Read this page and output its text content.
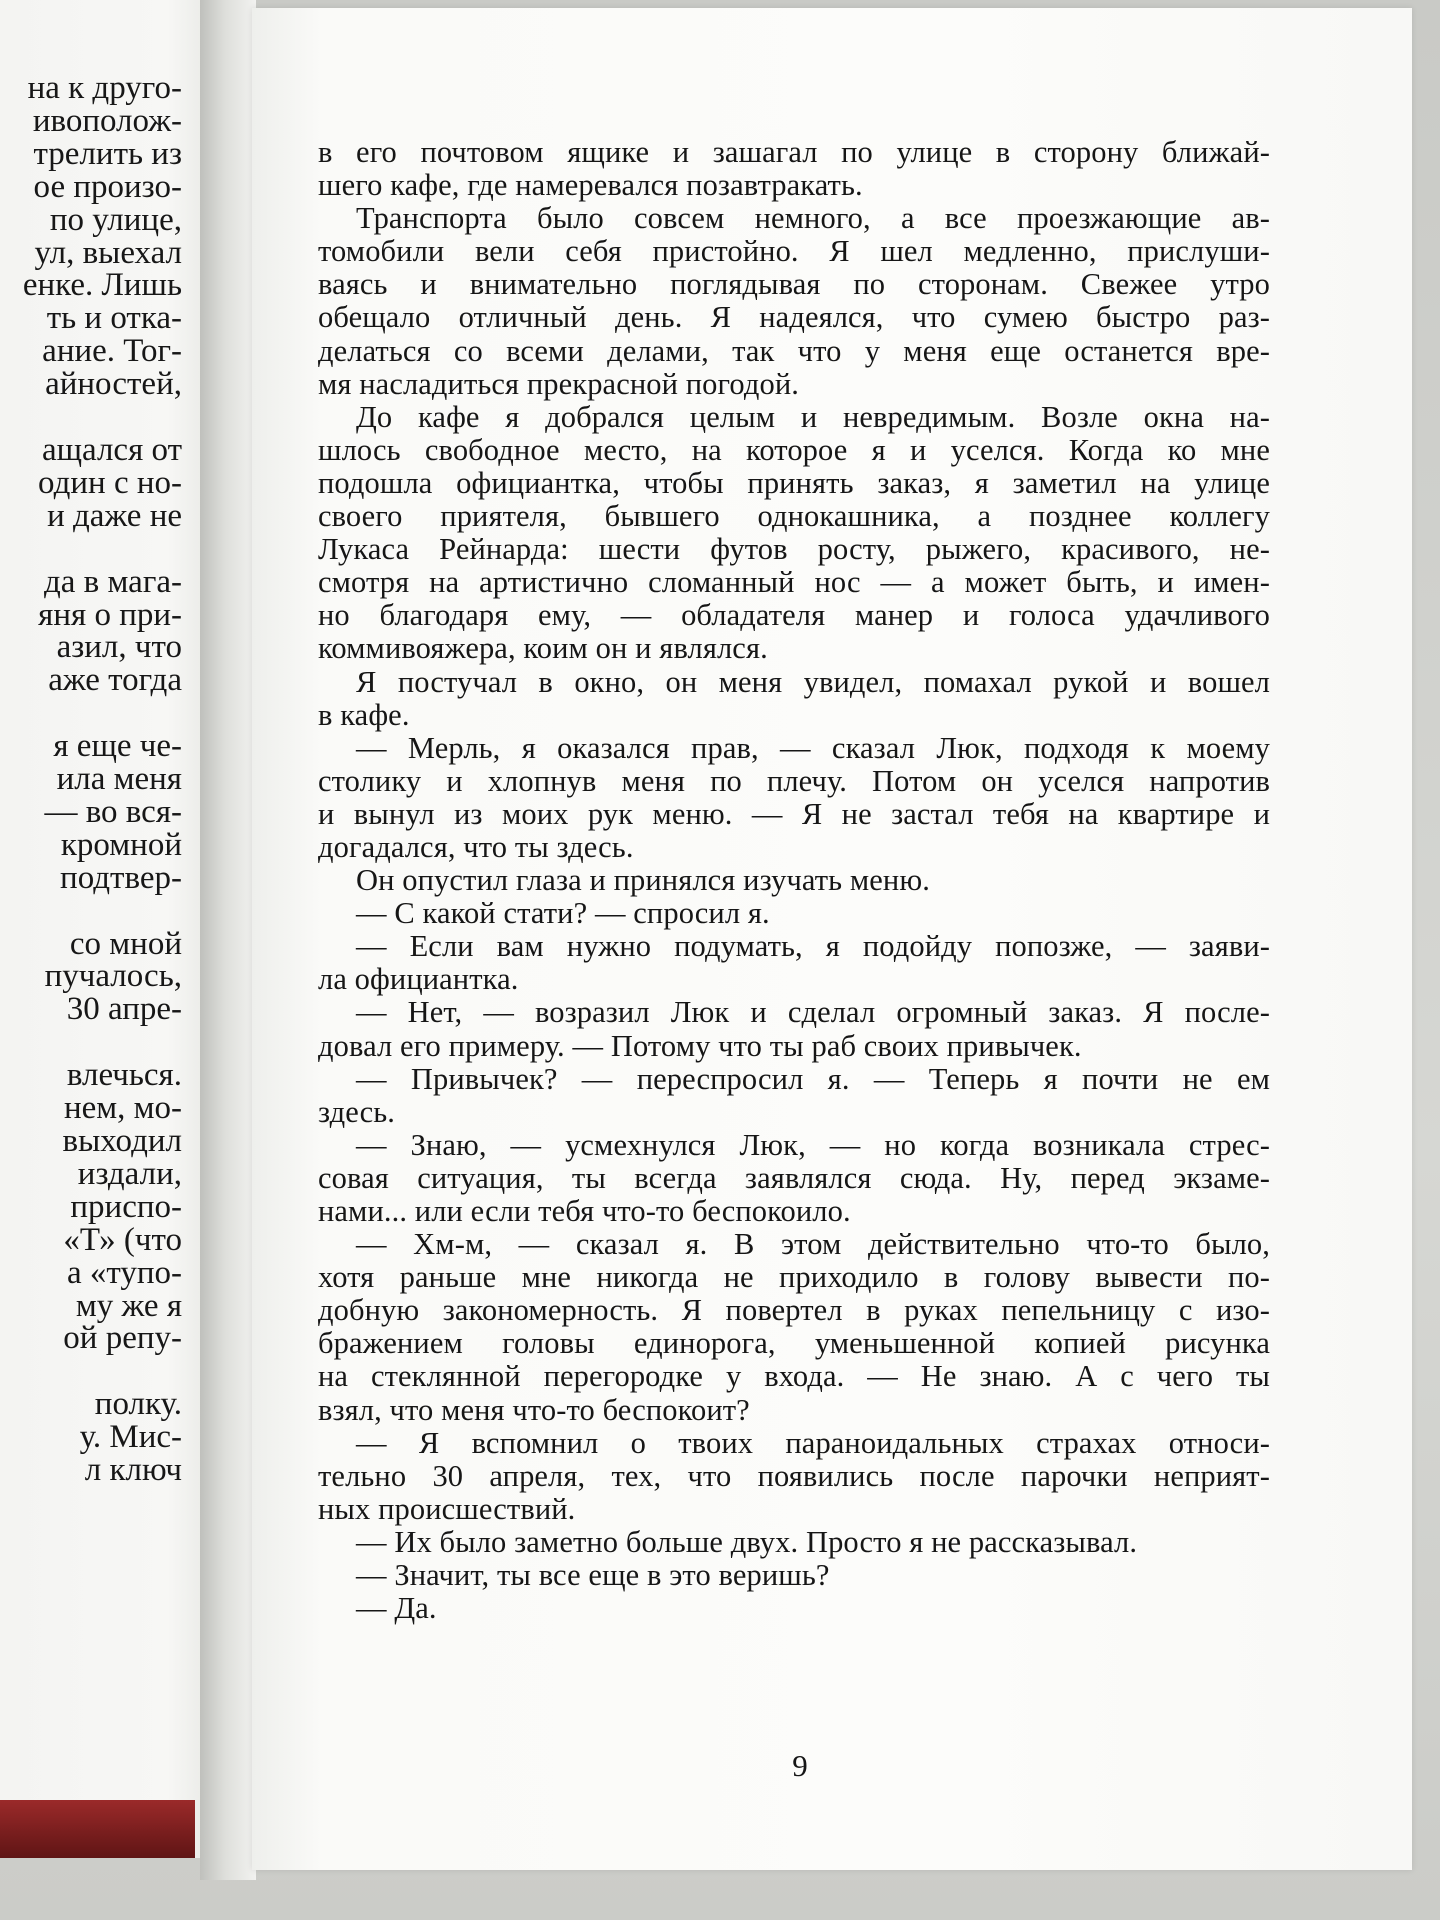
на к друго-
ивополож-
трелить из
ое произо-
по улице,
ул, выехал
енке. Лишь
ть и отка-
ание. Тог-
айностей,

ащался от
один с но-
и даже не

да в мага-
яня о при-
азил, что
аже тогда

я еще че-
ила меня
— во вся-
кромной
подтвер-

со мной
пучалось,
30 апре-

влечься.
нем, мо-
выходил
издали,
приспо-
«Т» (что
а «тупо-
му же я
ой репу-

полку.
у. Мис-
л ключ
в его почтовом ящике и зашагал по улице в сторону ближай-
шего кафе, где намеревался позавтракать.
Транспорта было совсем немного, а все проезжающие ав-
томобили вели себя пристойно. Я шел медленно, прислуши-
ваясь и внимательно поглядывая по сторонам. Свежее утро
обещало отличный день. Я надеялся, что сумею быстро раз-
делаться со всеми делами, так что у меня еще останется вре-
мя насладиться прекрасной погодой.
До кафе я добрался целым и невредимым. Возле окна на-
шлось свободное место, на которое я и уселся. Когда ко мне
подошла официантка, чтобы принять заказ, я заметил на улице
своего приятеля, бывшего однокашника, а позднее коллегу
Лукаса Рейнарда: шести футов росту, рыжего, красивого, не-
смотря на артистично сломанный нос — а может быть, и имен-
но благодаря ему, — обладателя манер и голоса удачливого
коммивояжера, коим он и являлся.
Я постучал в окно, он меня увидел, помахал рукой и вошел
в кафе.
— Мерль, я оказался прав, — сказал Люк, подходя к моему
столику и хлопнув меня по плечу. Потом он уселся напротив
и вынул из моих рук меню. — Я не застал тебя на квартире и
догадался, что ты здесь.
Он опустил глаза и принялся изучать меню.
— С какой стати? — спросил я.
— Если вам нужно подумать, я подойду попозже, — заяви-
ла официантка.
— Нет, — возразил Люк и сделал огромный заказ. Я после-
довал его примеру. — Потому что ты раб своих привычек.
— Привычек? — переспросил я. — Теперь я почти не ем
здесь.
— Знаю, — усмехнулся Люк, — но когда возникала стрес-
совая ситуация, ты всегда заявлялся сюда. Ну, перед экзаме-
нами... или если тебя что-то беспокоило.
— Хм-м, — сказал я. В этом действительно что-то было,
хотя раньше мне никогда не приходило в голову вывести по-
добную закономерность. Я повертел в руках пепельницу с изо-
бражением головы единорога, уменьшенной копией рисунка
на стеклянной перегородке у входа. — Не знаю. А с чего ты
взял, что меня что-то беспокоит?
— Я вспомнил о твоих параноидальных страхах относи-
тельно 30 апреля, тех, что появились после парочки неприят-
ных происшествий.
— Их было заметно больше двух. Просто я не рассказывал.
— Значит, ты все еще в это веришь?
— Да.
9
